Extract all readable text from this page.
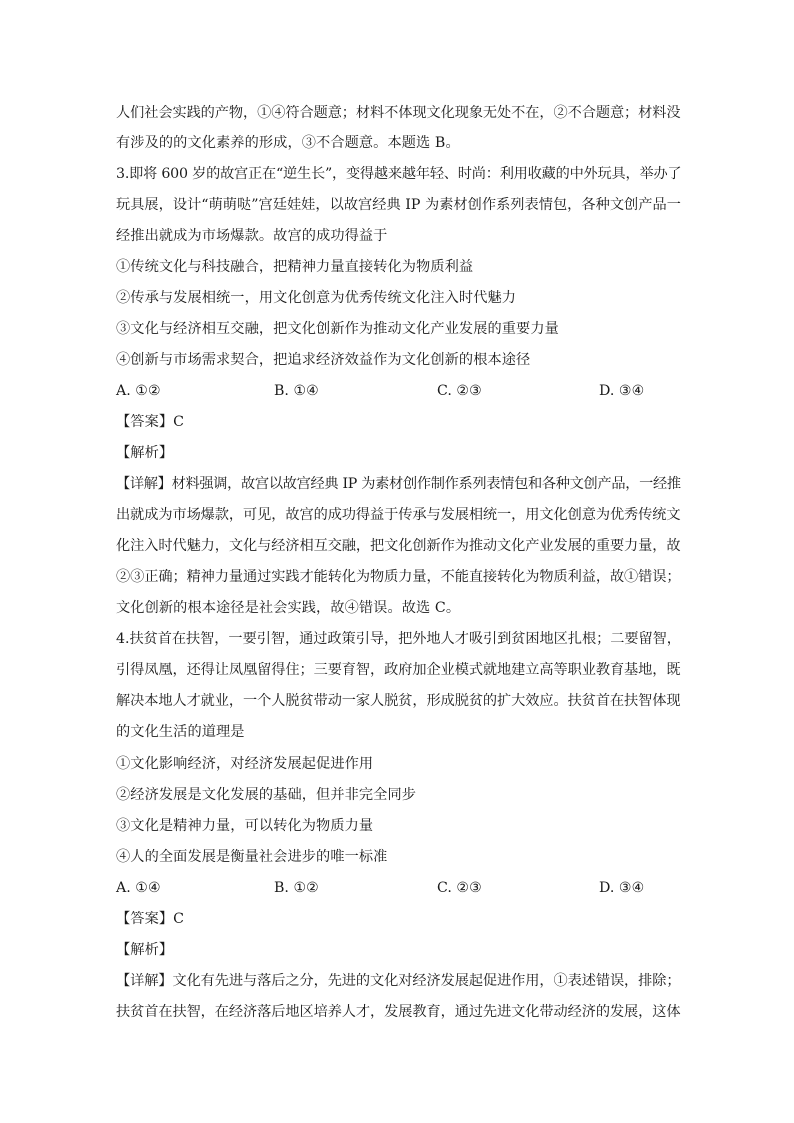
人们社会实践的产物，①④符合题意；材料不体现文化现象无处不在，②不合题意；材料没
有涉及的的文化素养的形成，③不合题意。本题选 B。
3.即将 600 岁的故宫正在“逆生长”，变得越来越年轻、时尚：利用收藏的中外玩具，举办了
玩具展，设计“萌萌哒”宫廷娃娃，以故宫经典 IP 为素材创作系列表情包，各种文创产品一
经推出就成为市场爆款。故宫的成功得益于
①传统文化与科技融合，把精神力量直接转化为物质利益
②传承与发展相统一，用文化创意为优秀传统文化注入时代魅力
③文化与经济相互交融，把文化创新作为推动文化产业发展的重要力量
④创新与市场需求契合，把追求经济效益作为文化创新的根本途径
A. ①②	B. ①④	C. ②③	D. ③④
【答案】C
【解析】
【详解】材料强调，故宫以故宫经典 IP 为素材创作制作系列表情包和各种文创产品，一经推
出就成为市场爆款，可见，故宫的成功得益于传承与发展相统一，用文化创意为优秀传统文
化注入时代魅力，文化与经济相互交融，把文化创新作为推动文化产业发展的重要力量，故
②③正确；精神力量通过实践才能转化为物质力量，不能直接转化为物质利益，故①错误；
文化创新的根本途径是社会实践，故④错误。故选 C。
4.扶贫首在扶智，一要引智，通过政策引导，把外地人才吸引到贫困地区扎根；二要留智，
引得凤凰，还得让凤凰留得住；三要育智，政府加企业模式就地建立高等职业教育基地，既
解决本地人才就业，一个人脱贫带动一家人脱贫，形成脱贫的扩大效应。扶贫首在扶智体现
的文化生活的道理是
①文化影响经济，对经济发展起促进作用
②经济发展是文化发展的基础，但并非完全同步
③文化是精神力量，可以转化为物质力量
④人的全面发展是衡量社会进步的唯一标准
A. ①④	B. ①②	C. ②③	D. ③④
【答案】C
【解析】
【详解】文化有先进与落后之分，先进的文化对经济发展起促进作用，①表述错误，排除；
扶贫首在扶智，在经济落后地区培养人才，发展教育，通过先进文化带动经济的发展，这体
